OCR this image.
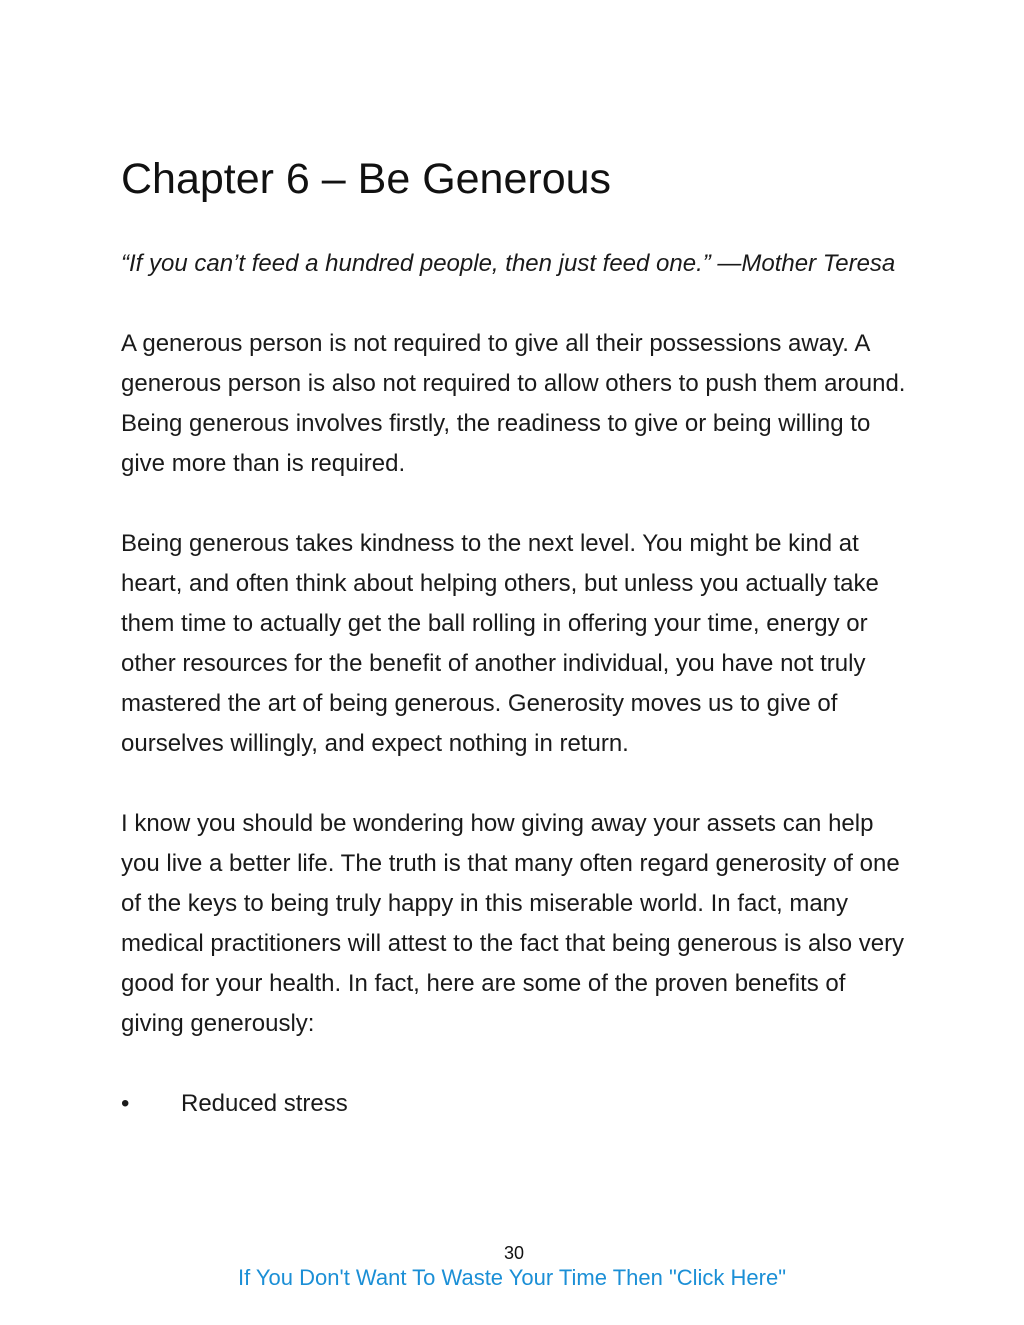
Chapter 6 – Be Generous

“If you can’t feed a hundred people, then just feed one.” —Mother Teresa

A generous person is not required to give all their possessions away. A generous person is also not required to allow others to push them around. Being generous involves firstly, the readiness to give or being willing to give more than is required.

Being generous takes kindness to the next level. You might be kind at heart, and often think about helping others, but unless you actually take them time to actually get the ball rolling in offering your time, energy or other resources for the benefit of another individual, you have not truly mastered the art of being generous. Generosity moves us to give of ourselves willingly, and expect nothing in return.

I know you should be wondering how giving away your assets can help you live a better life. The truth is that many often regard generosity of one of the keys to being truly happy in this miserable world. In fact, many medical practitioners will attest to the fact that being generous is also very good for your health. In fact, here are some of the proven benefits of giving generously:

•	Reduced stress
30
If You Don't Want To Waste Your Time Then "Click Here"
